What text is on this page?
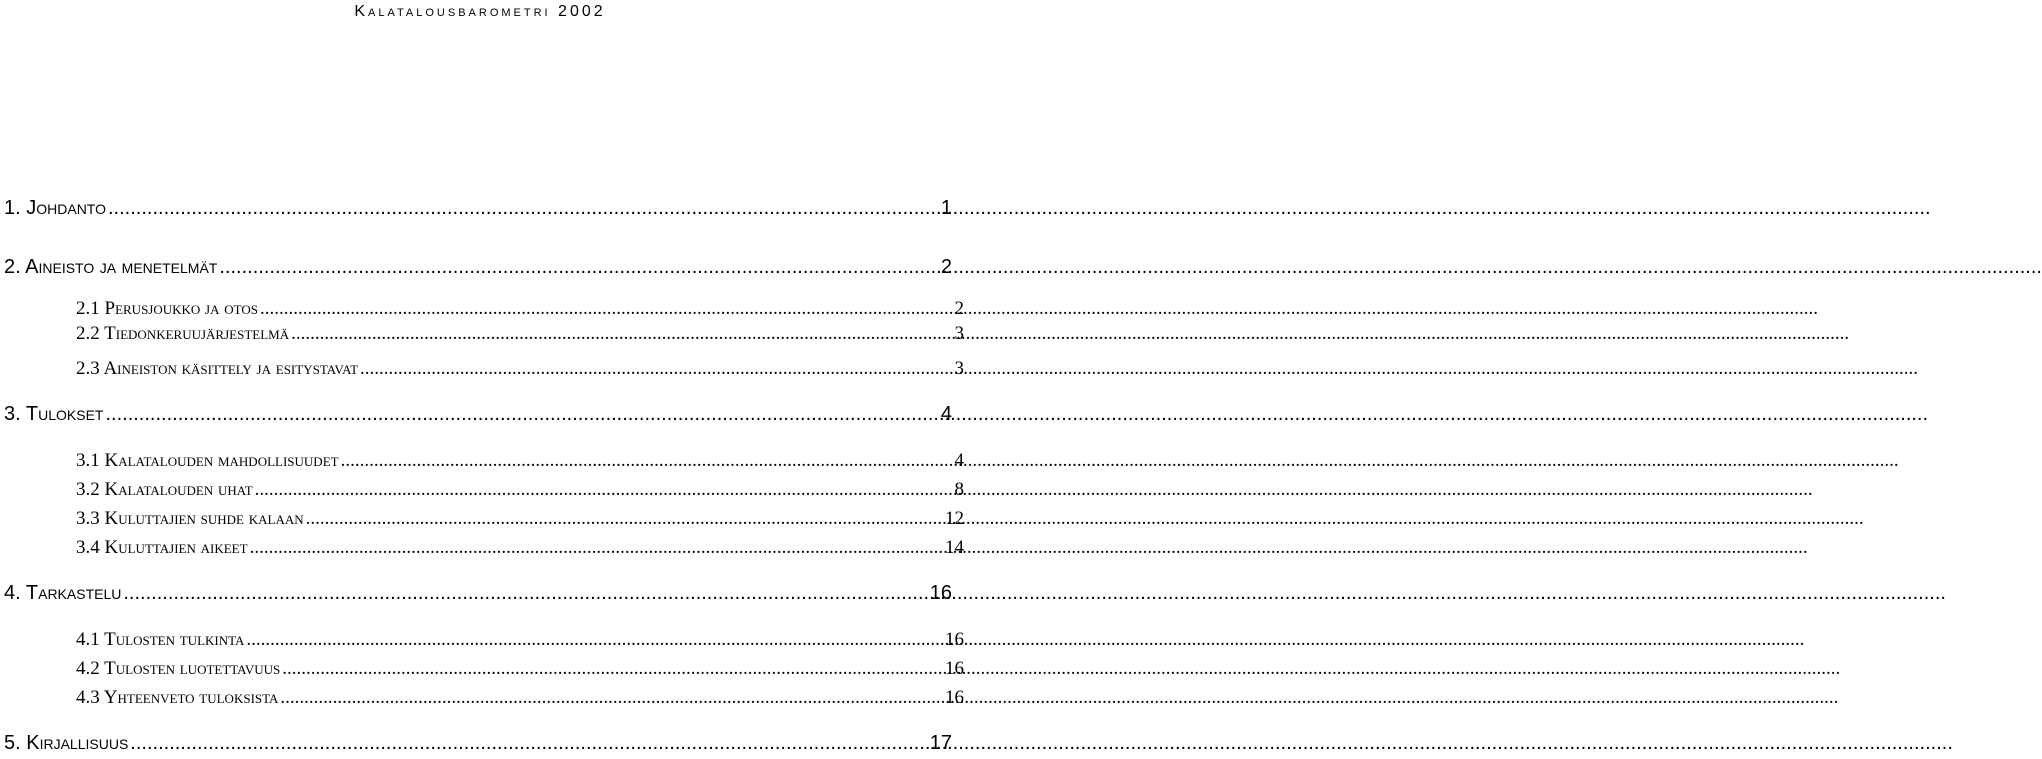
Kalatalousbarometri 2002
1. Johdanto .....	1
2. Aineisto ja menetelmät .....	2
2.1 Perusjoukko ja otos .....	2
2.2 Tiedonkeruujärjestelmä .....	3
2.3 Aineiston käsittely ja esitystavat .....	3
3. Tulokset .....	4
3.1 Kalatalouden mahdollisuudet .....	4
3.2 Kalatalouden uhat .....	8
3.3 Kuluttajien suhde kalaan .....	12
3.4 Kuluttajien aikeet .....	14
4. Tarkastelu .....	16
4.1 Tulosten tulkinta .....	16
4.2 Tulosten luotettavuus .....	16
4.3 Yhteenveto tuloksista .....	16
5. Kirjallisuus .....	17
